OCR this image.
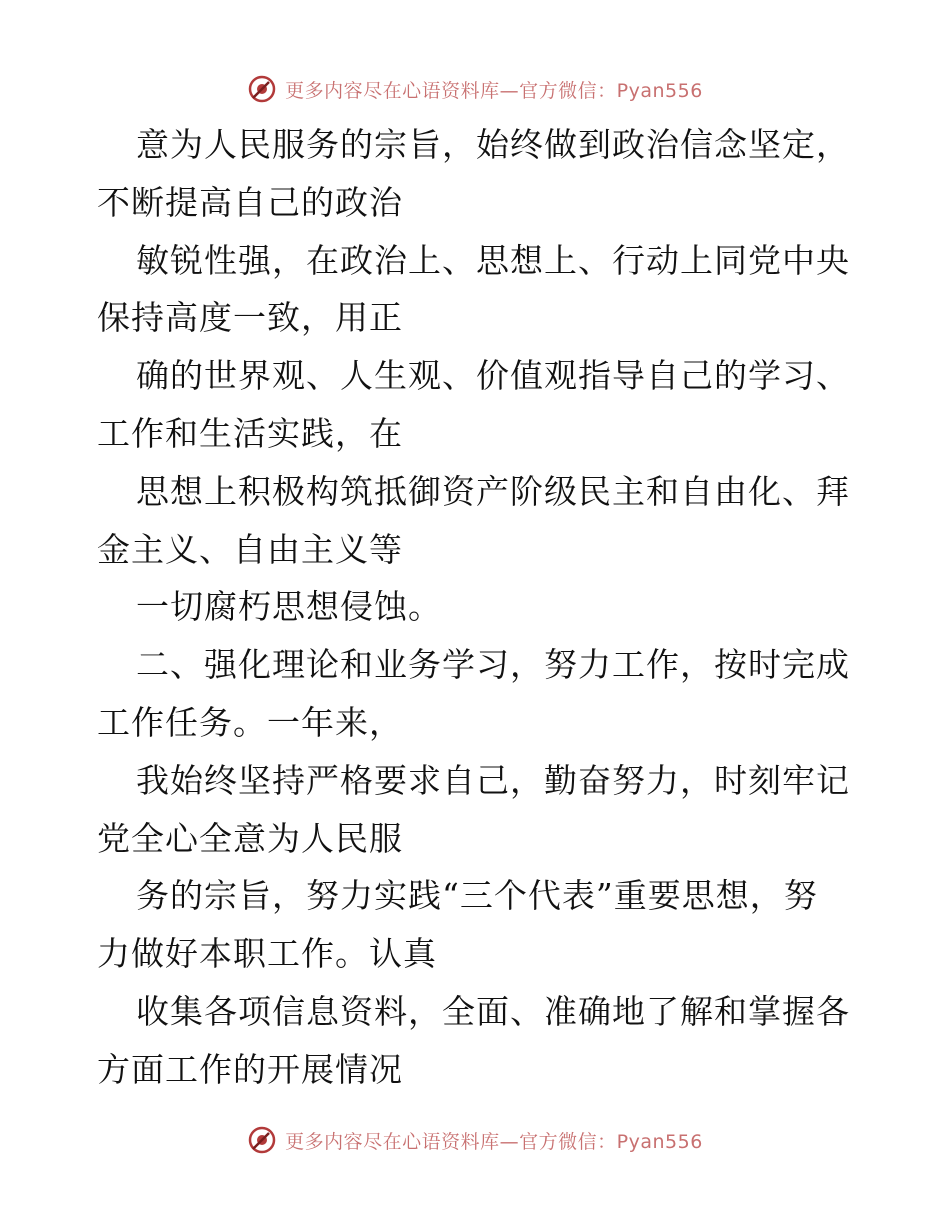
更多内容尽在心语资料库—官方微信：Pyan556
意为人民服务的宗旨，始终做到政治信念坚定，
不断提高自己的政治
敏锐性强，在政治上、思想上、行动上同党中央
保持高度一致，用正
确的世界观、人生观、价值观指导自己的学习、
工作和生活实践，在
思想上积极构筑抵御资产阶级民主和自由化、拜
金主义、自由主义等
一切腐朽思想侵蚀。
二、强化理论和业务学习，努力工作，按时完成
工作任务。一年来，
我始终坚持严格要求自己，勤奋努力，时刻牢记
党全心全意为人民服
务的宗旨，努力实践“三个代表”重要思想，努
力做好本职工作。认真
收集各项信息资料，全面、准确地了解和掌握各
方面工作的开展情况
更多内容尽在心语资料库—官方微信：Pyan556
